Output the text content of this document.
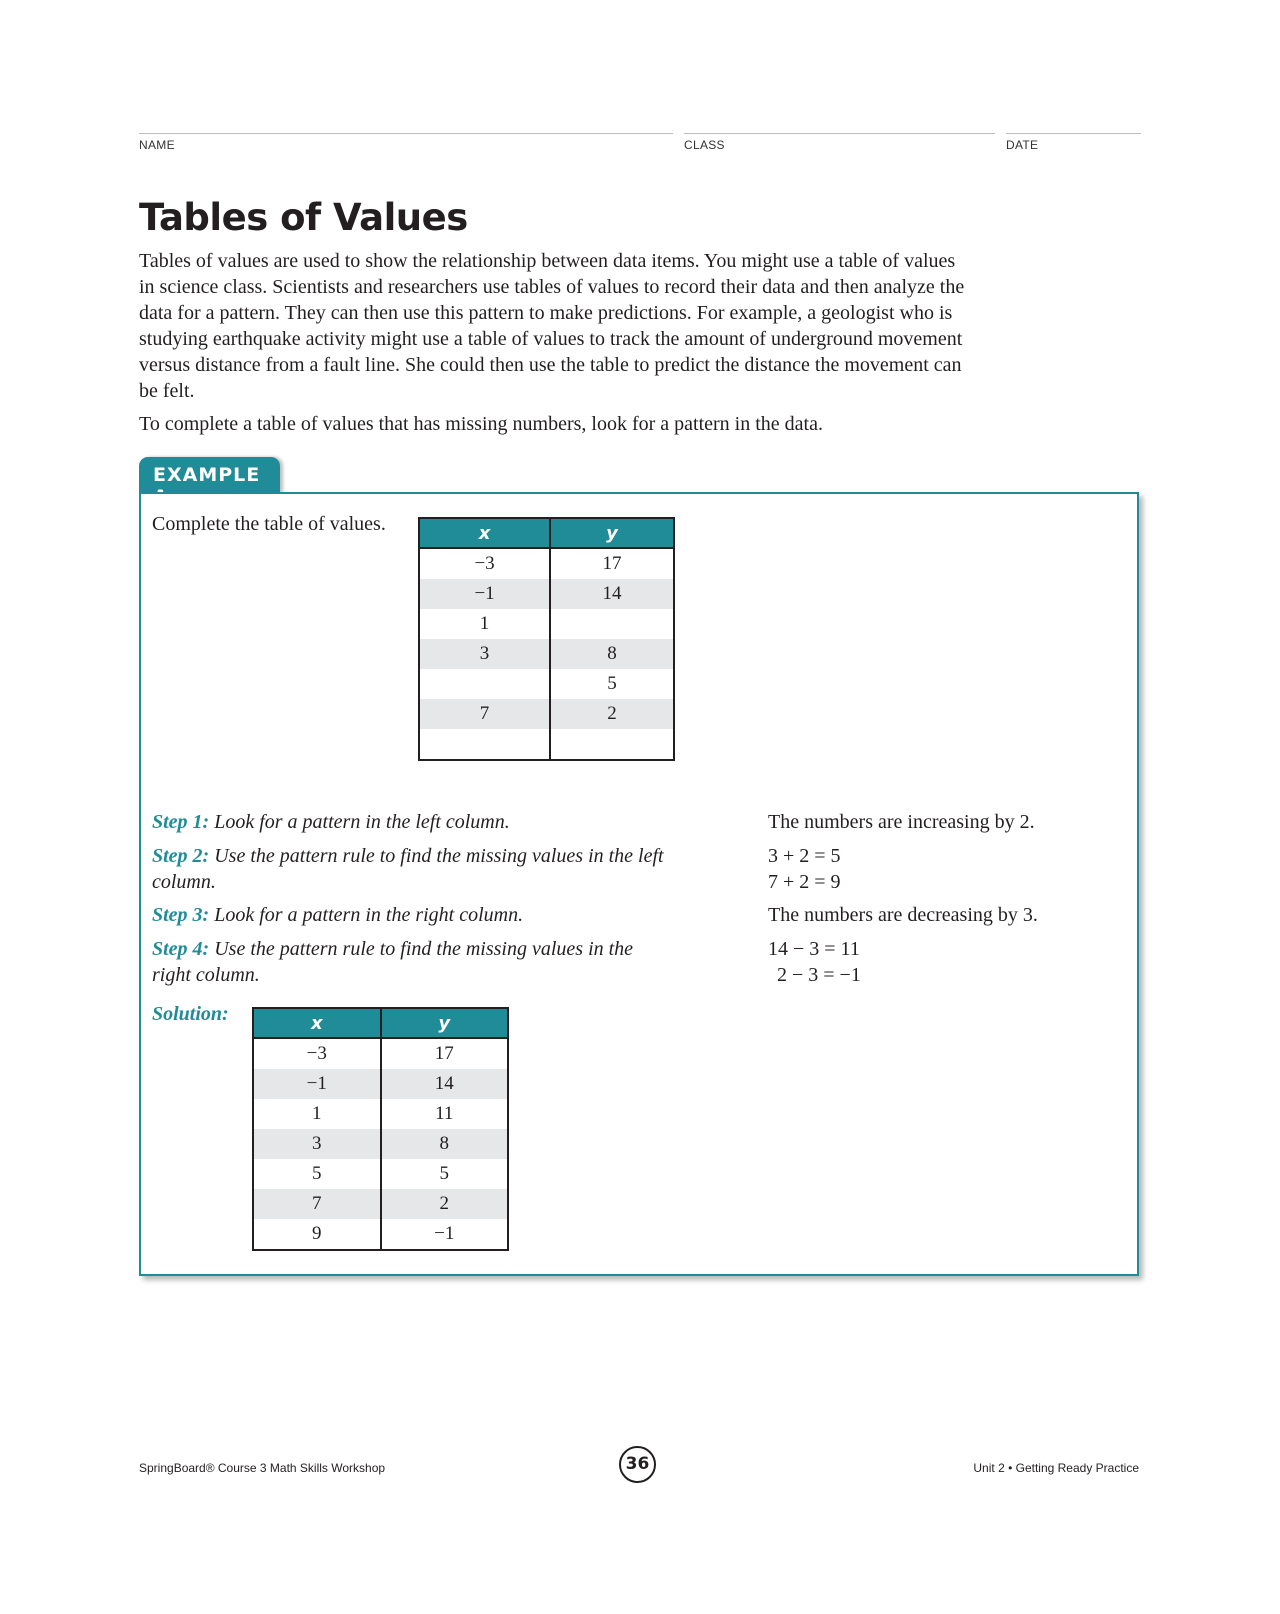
NAME	CLASS	DATE
Tables of Values

Tables of values are used to show the relationship between data items. You might use a table of values in science class. Scientists and researchers use tables of values to record their data and then analyze the data for a pattern. They can then use this pattern to make predictions. For example, a geologist who is studying earthquake activity might use a table of values to track the amount of underground movement versus distance from a fault line. She could then use the table to predict the distance the movement can be felt.

To complete a table of values that has missing numbers, look for a pattern in the data.

EXAMPLE

Complete the table of values.	x	y
−3	17
−1	14
1	
3	8
	5
7	2

Step 1: Look for a pattern in the left column.

Step 2: Use the pattern rule to find the missing values in the left column.

Step 3: Look for a pattern in the right column.

Step 4: Use the pattern rule to find the missing values in the right column.

The numbers are increasing by 2.

3 + 2 = 5

7 + 2 = 9

The numbers are decreasing by 3.

14 − 3 = 11

2 − 3 = −1

Solution:	x	y
−3	17
−1	14
1	11
3	8
5	5
7	2
9	−1
SpringBoard® Course 3 Math Skills Workshop	36	Unit 2 • Getting Ready Practice
